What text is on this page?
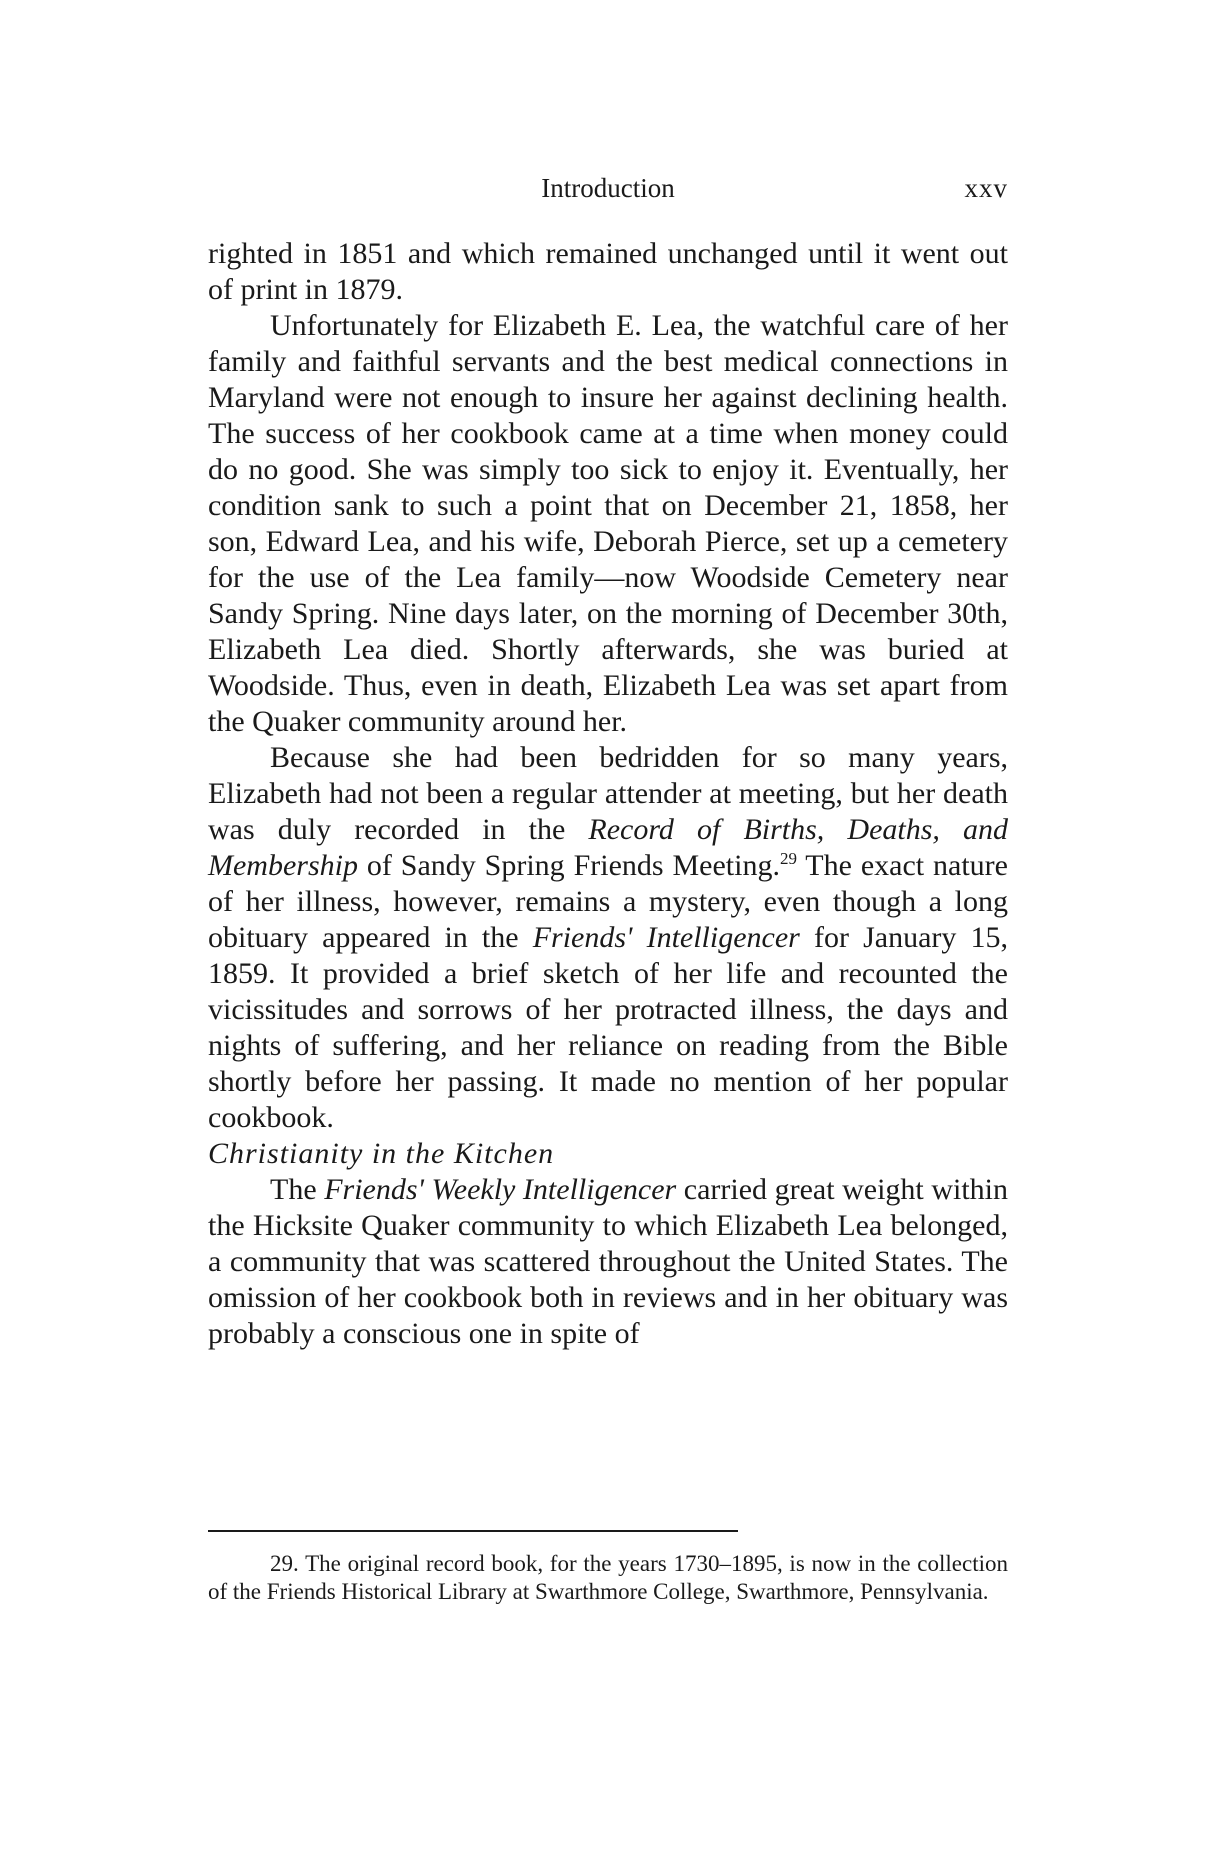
Introduction	xxv

righted in 1851 and which remained unchanged until it went out of print in 1879.

Unfortunately for Elizabeth E. Lea, the watchful care of her family and faithful servants and the best medical connections in Maryland were not enough to insure her against declining health. The success of her cookbook came at a time when money could do no good. She was simply too sick to enjoy it. Eventually, her condition sank to such a point that on December 21, 1858, her son, Edward Lea, and his wife, Deborah Pierce, set up a cemetery for the use of the Lea family—now Woodside Cemetery near Sandy Spring. Nine days later, on the morning of December 30th, Elizabeth Lea died. Shortly afterwards, she was buried at Woodside. Thus, even in death, Elizabeth Lea was set apart from the Quaker community around her.

Because she had been bedridden for so many years, Elizabeth had not been a regular attender at meeting, but her death was duly recorded in the Record of Births, Deaths, and Membership of Sandy Spring Friends Meeting.$^{29}$ The exact nature of her illness, however, remains a mystery, even though a long obituary appeared in the Friends' Intelligencer for January 15, 1859. It provided a brief sketch of her life and recounted the vicissitudes and sorrows of her protracted illness, the days and nights of suffering, and her reliance on reading from the Bible shortly before her passing. It made no mention of her popular cookbook.

Christianity in the Kitchen

The Friends' Weekly Intelligencer carried great weight within the Hicksite Quaker community to which Elizabeth Lea belonged, a community that was scattered throughout the United States. The omission of her cookbook both in reviews and in her obituary was probably a conscious one in spite of

29. The original record book, for the years 1730–1895, is now in the collection of the Friends Historical Library at Swarthmore College, Swarthmore, Pennsylvania.
